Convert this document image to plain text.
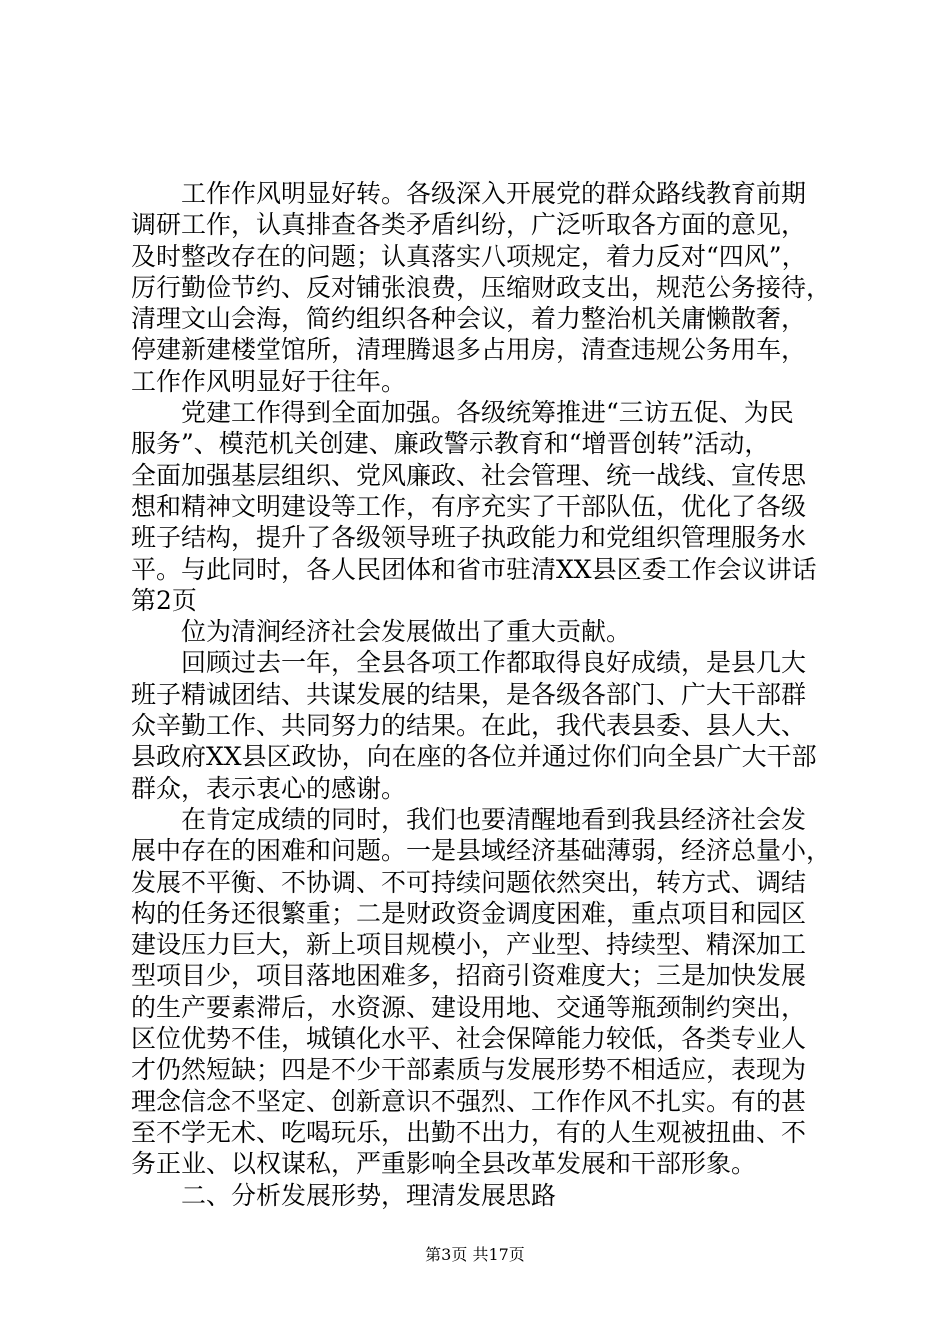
工作作风明显好转。各级深入开展党的群众路线教育前期
调研工作，认真排查各类矛盾纠纷，广泛听取各方面的意见，
及时整改存在的问题；认真落实八项规定，着力反对“四风”，
厉行勤俭节约、反对铺张浪费，压缩财政支出，规范公务接待，
清理文山会海，简约组织各种会议，着力整治机关庸懒散奢，
停建新建楼堂馆所，清理腾退多占用房，清查违规公务用车，
工作作风明显好于往年。
党建工作得到全面加强。各级统筹推进“三访五促、为民
服务”、模范机关创建、廉政警示教育和“增晋创转”活动，
全面加强基层组织、党风廉政、社会管理、统一战线、宣传思
想和精神文明建设等工作，有序充实了干部队伍，优化了各级
班子结构，提升了各级领导班子执政能力和党组织管理服务水
平。与此同时，各人民团体和省市驻清XX县区委工作会议讲话
第2页
位为清涧经济社会发展做出了重大贡献。
回顾过去一年，全县各项工作都取得良好成绩，是县几大
班子精诚团结、共谋发展的结果，是各级各部门、广大干部群
众辛勤工作、共同努力的结果。在此，我代表县委、县人大、
县政府XX县区政协，向在座的各位并通过你们向全县广大干部
群众，表示衷心的感谢。
在肯定成绩的同时，我们也要清醒地看到我县经济社会发
展中存在的困难和问题。一是县域经济基础薄弱，经济总量小，
发展不平衡、不协调、不可持续问题依然突出，转方式、调结
构的任务还很繁重；二是财政资金调度困难，重点项目和园区
建设压力巨大，新上项目规模小，产业型、持续型、精深加工
型项目少，项目落地困难多，招商引资难度大；三是加快发展
的生产要素滞后，水资源、建设用地、交通等瓶颈制约突出，
区位优势不佳，城镇化水平、社会保障能力较低，各类专业人
才仍然短缺；四是不少干部素质与发展形势不相适应，表现为
理念信念不坚定、创新意识不强烈、工作作风不扎实。有的甚
至不学无术、吃喝玩乐，出勤不出力，有的人生观被扭曲、不
务正业、以权谋私，严重影响全县改革发展和干部形象。
二、分析发展形势，理清发展思路
第3页 共17页
